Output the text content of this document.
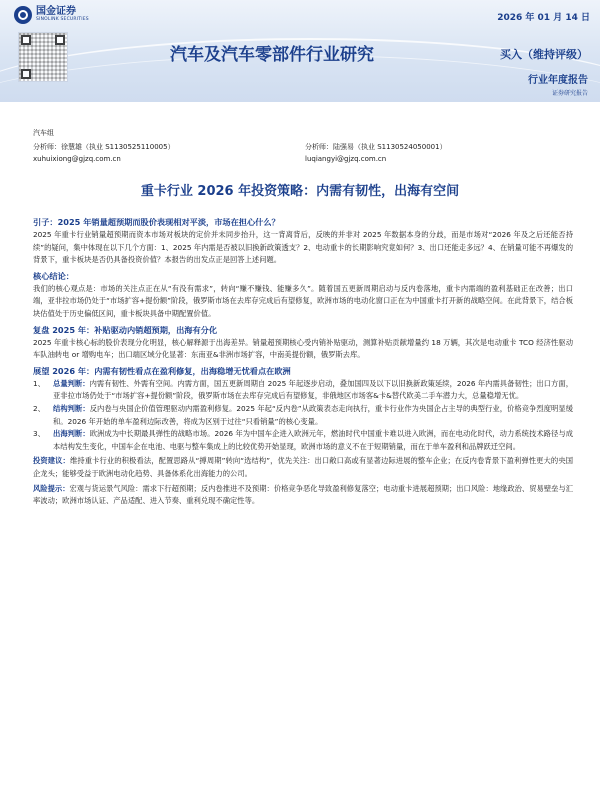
国金证券
SINOLINK SECURITIES	2026 年 01 月 14 日
汽车及汽车零部件行业研究	买入（维持评级）
行业年度报告
证券研究报告
汽车组
分析师：徐慧雄（执业 S1130525110005）
xuhuixiong@gjzq.com.cn
分析师：陆强易（执业 S1130524050001）
luqiangyi@gjzq.com.cn
重卡行业 2026 年投资策略：内需有韧性，出海有空间
引子：2025 年销量超预期而股价表现相对平淡，市场在担心什么？

2025 年重卡行业销量超预期而资本市场对板块的定价并未同步抬升，这一背离背后，反映的并非对 2025 年数据本身的分歧，而是市场对“2026 年及之后还能否持续”的疑问，集中体现在以下几个方面：1、2025 年内需是否被以旧换新政策透支？2、电动重卡的长期影响究竟如何？3、出口还能走多远？4、在销量可能不再爆发的背景下，重卡板块是否仍具备投资价值？本报告的出发点正是回答上述问题。

核心结论：

我们的核心观点是：市场的关注点正在从“有没有需求”，转向“赚不赚钱、能赚多久”。随着国五更新周期启动与反内卷落地，重卡内需端的盈利基础正在改善；出口端，亚非拉市场仍处于“市场扩容+提份额”阶段，俄罗斯市场在去库存完成后有望修复，欧洲市场的电动化窗口正在为中国重卡打开新的战略空间。在此背景下，结合板块估值处于历史偏低区间，重卡板块具备中期配置价值。

复盘 2025 年：补贴驱动内销超预期，出海有分化

2025 年重卡核心标的股价表现分化明显，核心解释源于出海差异。销量超预期核心受内销补贴驱动，测算补贴贡献增量约 18 万辆，其次是电动重卡 TCO 经济性驱动车队油转电 or 增购电车；出口端区域分化显著：东南亚&非洲市场扩容，中南美提份额，俄罗斯去库。

展望 2026 年：内需有韧性看点在盈利修复，出海稳增无忧看点在欧洲
1、	总量判断：内需有韧性、外需有空间。内需方面，国五更新周期自 2025 年起逐步启动，叠加国四及以下以旧换新政策延续，2026 年内需具备韧性；出口方面，亚非拉市场仍处于“市场扩容+提份额”阶段，俄罗斯市场在去库存完成后有望修复，非俄地区市场客&卡&替代欧美二手车潜力大，总量稳增无忧。
2、	结构判断：反内卷与央国企价值管理驱动内需盈利修复。2025 年起“反内卷”从政策表态走向执行，重卡行业作为央国企占主导的典型行业，价格竞争烈度明显缓和。2026 年开始的单车盈利边际改善，将成为区别于过往“只看销量”的核心变量。
3、	出海判断：欧洲成为中长期最具弹性的战略市场。2026 年为中国车企进入欧洲元年，燃油时代中国重卡难以进入欧洲，而在电动化时代，动力系统技术路径与成本结构发生变化，中国车企在电池、电驱与整车集成上的比较优势开始显现，欧洲市场的意义不在于短期销量，而在于单车盈利和品牌跃迁空间。

投资建议：维持重卡行业的积极看法，配置思路从“搏周期”转向“选结构”，优先关注：出口敞口高或有显著边际进展的整车企业；在反内卷背景下盈利弹性更大的央国企龙头；能够受益于欧洲电动化趋势、具备体系化出海能力的公司。

风险提示：宏观与货运景气风险：需求下行超预期；反内卷推进不及预期：价格竞争恶化导致盈利修复落空；电动重卡进展超预期；出口风险：地缘政治、贸易壁垒与汇率波动；欧洲市场认证、产品适配、进入节奏、重利兑现不确定性等。
